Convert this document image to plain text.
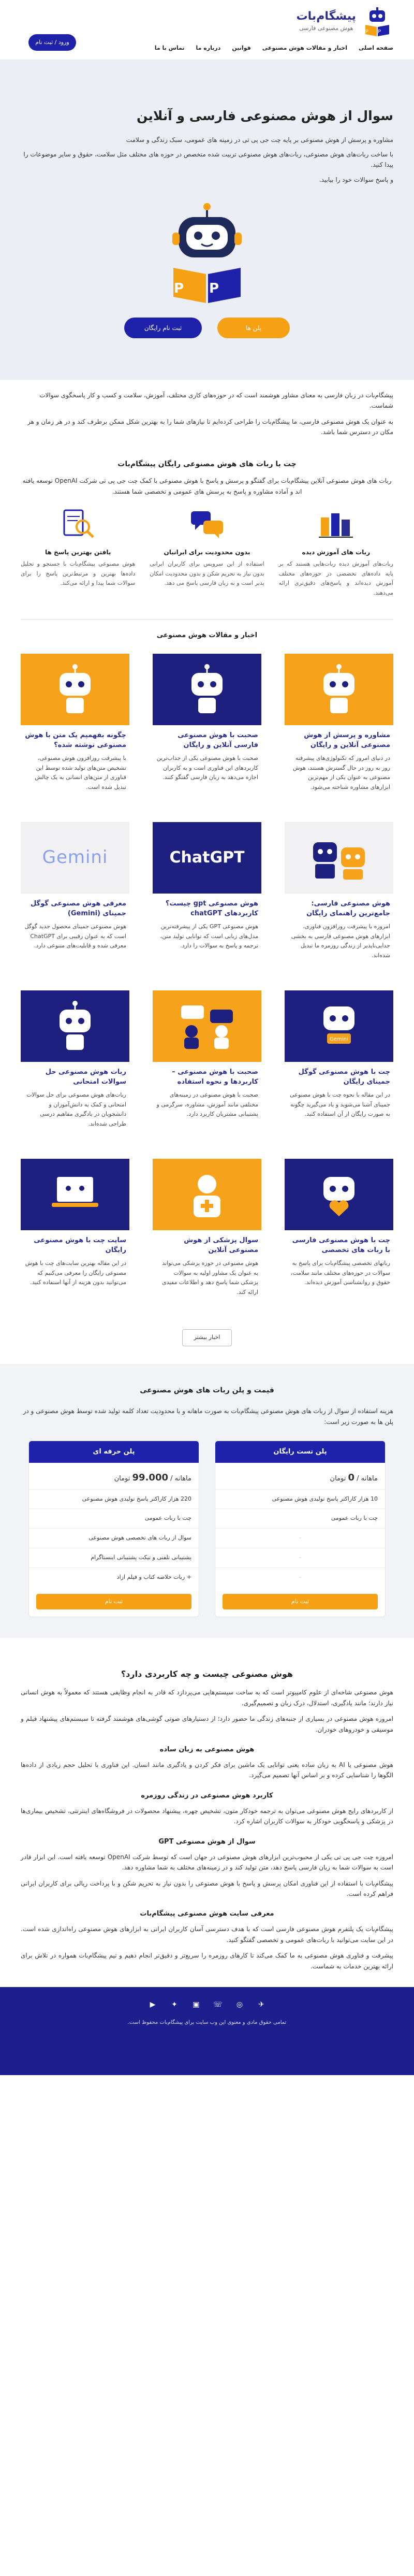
P P
پیشگام‌بات
هوش مصنوعی فارسی
صفحه اصلی
اخبار و مقالات هوش مصنوعی
قوانین
درباره ما
تماس با ما
ورود / ثبت نام
سوال از هوش مصنوعی فارسی و آنلاین

مشاوره و پرسش از هوش مصنوعی بر پایه چت جی پی تی در زمینه های عمومی، سبک زندگی و سلامت

با ساخت ربات‌های هوش مصنوعی، ربات‌های هوش مصنوعی تربیت شده متخصص در حوزه های مختلف مثل سلامت، حقوق و سایر موضوعات را پیدا کنید.

و پاسخ سوالات خود را بیابید.

P P
پلن ها
ثبت نام رایگان

پیشگام‌بات در زبان فارسی به معنای مشاور هوشمند است که در حوزه‌های کاری مختلف، آموزش، سلامت و کسب و کار پاسخگوی سوالات شماست.

به عنوان یک هوش مصنوعی فارسی، ما پیشگام‌بات را طراحی کرده‌ایم تا نیازهای شما را به بهترین شکل ممکن برطرف کند و در هر زمان و هر مکان در دسترس شما باشد.

چت با ربات های هوش مصنوعی رایگان پیشگام‌بات

ربات های هوش مصنوعی آنلاین پیشگام‌بات برای گفتگو و پرسش و پاسخ با هوش مصنوعی با کمک چت جی پی تی شرکت OpenAI توسعه یافته اند و آماده مشاوره و پاسخ به پرسش های عمومی و تخصصی شما هستند.

ربات های آموزش دیده

ربات‌های آموزش دیده ربات‌هایی هستند که بر پایه داده‌های تخصصی در حوزه‌های مختلف آموزش دیده‌اند و پاسخ‌های دقیق‌تری ارائه می‌دهند.

بدون محدودیت برای ایرانیان

استفاده از این سرویس برای کاربران ایرانی بدون نیاز به تحریم شکن و بدون محدودیت امکان پذیر است و به زبان فارسی پاسخ می دهد.

یافتن بهترین پاسخ ها

هوش مصنوعی پیشگام‌بات با جستجو و تحلیل داده‌ها بهترین و مرتبط‌ترین پاسخ را برای سوالات شما پیدا و ارائه می‌کند.

اخبار و مقالات هوش مصنوعی
مشاوره و پرسش از هوش مصنوعی آنلاین و رایگان

در دنیای امروز که تکنولوژی‌های پیشرفته روز به روز در حال گسترش هستند، هوش مصنوعی به عنوان یکی از مهم‌ترین ابزارهای مشاوره شناخته می‌شود.

صحبت با هوش مصنوعی فارسی آنلاین و رایگان

صحبت با هوش مصنوعی یکی از جذاب‌ترین کاربردهای این فناوری است و به کاربران اجازه می‌دهد به زبان فارسی گفتگو کنند.

چگونه بفهمیم یک متن با هوش مصنوعی نوشته شده؟

با پیشرفت روزافزون هوش مصنوعی، تشخیص متن‌های تولید شده توسط این فناوری از متن‌های انسانی به یک چالش تبدیل شده است.

هوش مصنوعی فارسی: جامع‌ترین راهنمای رایگان

امروزه با پیشرفت روزافزون فناوری، ابزارهای هوش مصنوعی فارسی به بخشی جدایی‌ناپذیر از زندگی روزمره ما تبدیل شده‌اند.

ChatGPT
هوش مصنوعی gpt چیست؟ کاربردهای chatGPT

هوش مصنوعی GPT یکی از پیشرفته‌ترین مدل‌های زبانی است که توانایی تولید متن، ترجمه و پاسخ به سوالات را دارد.

Gemini
معرفی هوش مصنوعی گوگل جمینای (Gemini)

هوش مصنوعی جمینای محصول جدید گوگل است که به عنوان رقیبی برای ChatGPT معرفی شده و قابلیت‌های متنوعی دارد.

Gemini
چت با هوش مصنوعی گوگل جمینای رایگان

در این مقاله با نحوه چت با هوش مصنوعی جمینای آشنا می‌شوید و یاد می‌گیرید چگونه به صورت رایگان از آن استفاده کنید.

صحبت با هوش مصنوعی – کاربردها و نحوه استفاده

صحبت با هوش مصنوعی در زمینه‌های مختلفی مانند آموزش، مشاوره، سرگرمی و پشتیبانی مشتریان کاربرد دارد.

ربات هوش مصنوعی حل سوالات امتحانی

ربات‌های هوش مصنوعی برای حل سوالات امتحانی و کمک به دانش‌آموزان و دانشجویان در یادگیری مفاهیم درسی طراحی شده‌اند.

چت با هوش مصنوعی فارسی با ربات های تخصصی

رباتهای تخصصی پیشگام‌بات برای پاسخ به سوالات در حوزه‌های مختلف مانند سلامت، حقوق و روانشناسی آموزش دیده‌اند.

سوال پزشکی از هوش مصنوعی آنلاین

هوش مصنوعی در حوزه پزشکی می‌تواند به عنوان یک مشاور اولیه به سوالات پزشکی شما پاسخ دهد و اطلاعات مفیدی ارائه کند.

سایت چت با هوش مصنوعی رایگان

در این مقاله بهترین سایت‌های چت با هوش مصنوعی رایگان را معرفی می‌کنیم که می‌توانید بدون هزینه از آنها استفاده کنید.

اخبار بیشتر
قیمت و پلن ربات های هوش مصنوعی

هزینه استفاده از سوال از ربات های هوش مصنوعی پیشگام‌بات به صورت ماهانه و با محدودیت تعداد کلمه تولید شده توسط هوش مصنوعی و در پلن ها به صورت زیر است:

پلن تست رایگان
ماهانه / 0 تومان
10 هزار کاراکتر پاسخ تولیدی هوش مصنوعی
چت با ربات عمومی
-
-
-
ثبت نام
پلن حرفه ای
ماهانه / 99.000 تومان
220 هزار کاراکتر پاسخ تولیدی هوش مصنوعی
چت با ربات عمومی
سوال از ربات های تخصصی هوش مصنوعی
پشتیبانی تلفنی و تیکت پشتیبانی اینستاگرام
+ ربات خلاصه کتاب و فیلم ازاد
ثبت نام
هوش مصنوعی چیست و چه کاربردی دارد؟

هوش مصنوعی شاخه‌ای از علوم کامپیوتر است که به ساخت سیستم‌هایی می‌پردازد که قادر به انجام وظایفی هستند که معمولاً به هوش انسانی نیاز دارند؛ مانند یادگیری، استدلال، درک زبان و تصمیم‌گیری.

امروزه هوش مصنوعی در بسیاری از جنبه‌های زندگی ما حضور دارد؛ از دستیارهای صوتی گوشی‌های هوشمند گرفته تا سیستم‌های پیشنهاد فیلم و موسیقی و خودروهای خودران.

هوش مصنوعی به زبان ساده

هوش مصنوعی یا AI به زبان ساده یعنی توانایی یک ماشین برای فکر کردن و یادگیری مانند انسان. این فناوری با تحلیل حجم زیادی از داده‌ها الگوها را شناسایی کرده و بر اساس آنها تصمیم می‌گیرد.

کاربرد هوش مصنوعی در زندگی روزمره

از کاربردهای رایج هوش مصنوعی می‌توان به ترجمه خودکار متون، تشخیص چهره، پیشنهاد محصولات در فروشگاه‌های اینترنتی، تشخیص بیماری‌ها در پزشکی و پاسخگویی خودکار به سوالات کاربران اشاره کرد.

سوال از هوش مصنوعی GPT

امروزه چت جی پی تی یکی از محبوب‌ترین ابزارهای هوش مصنوعی در جهان است که توسط شرکت OpenAI توسعه یافته است. این ابزار قادر است به سوالات شما به زبان فارسی پاسخ دهد، متن تولید کند و در زمینه‌های مختلف به شما مشاوره دهد.

پیشگام‌بات با استفاده از این فناوری امکان پرسش و پاسخ با هوش مصنوعی را بدون نیاز به تحریم شکن و با پرداخت ریالی برای کاربران ایرانی فراهم کرده است.

معرفی سایت هوش مصنوعی پیشگام‌بات

پیشگام‌بات یک پلتفرم هوش مصنوعی فارسی است که با هدف دسترسی آسان کاربران ایرانی به ابزارهای هوش مصنوعی راه‌اندازی شده است. در این سایت می‌توانید با ربات‌های عمومی و تخصصی گفتگو کنید.

پیشرفت و فناوری هوش مصنوعی به ما کمک می‌کند تا کارهای روزمره را سریع‌تر و دقیق‌تر انجام دهیم و تیم پیشگام‌بات همواره در تلاش برای ارائه بهترین خدمات به شماست.

✈
◎
☏
▣
✦
▶
تمامی حقوق مادی و معنوی این وب سایت برای پیشگام‌بات محفوظ است.
